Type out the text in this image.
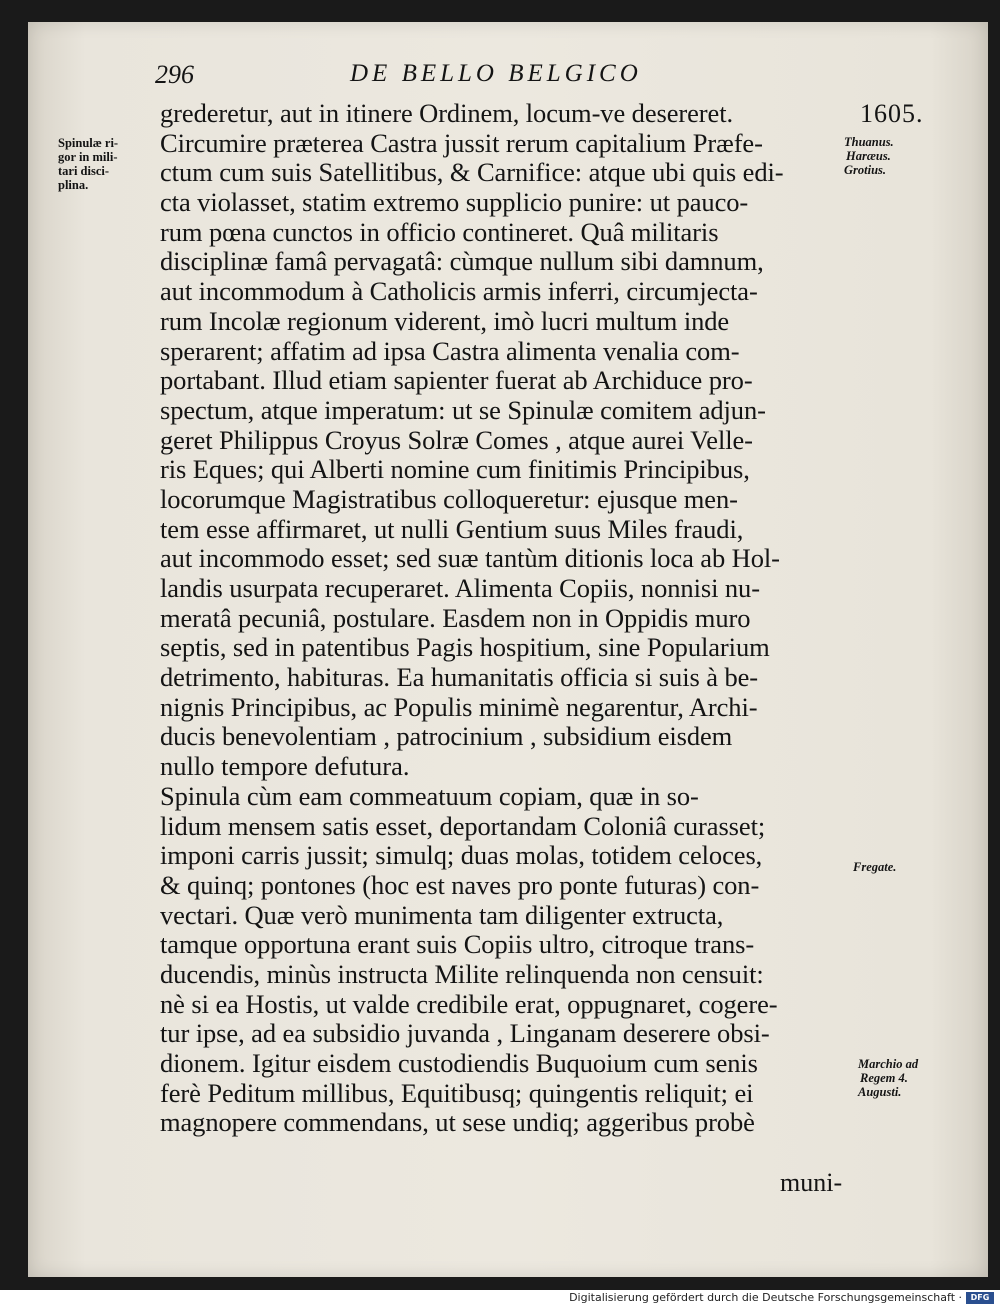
296	DE BELLO BELGICO
1605.
Spinulæ ri-
gor in mili-
tari disci-
plina.
Thuanus.
Haræus.
Grotius.
Fregate.
Marchio ad
Regem 4.
Augusti.
grederetur, aut in itinere Ordinem, locum-ve desereret.
Circumire præterea Castra jussit rerum capitalium Præfe-
ctum cum suis Satellitibus, & Carnifice: atque ubi quis edi-
cta violasset, statim extremo supplicio punire: ut pauco-
rum pœna cunctos in officio contineret. Quâ militaris
disciplinæ famâ pervagatâ: cùmque nullum sibi damnum,
aut incommodum à Catholicis armis inferri, circumjecta-
rum Incolæ regionum viderent, imò lucri multum inde
sperarent; affatim ad ipsa Castra alimenta venalia com-
portabant. Illud etiam sapienter fuerat ab Archiduce pro-
spectum, atque imperatum: ut se Spinulæ comitem adjun-
geret Philippus Croyus Solræ Comes , atque aurei Velle-
ris Eques; qui Alberti nomine cum finitimis Principibus,
locorumque Magistratibus colloqueretur: ejusque men-
tem esse affirmaret, ut nulli Gentium suus Miles fraudi,
aut incommodo esset; sed suæ tantùm ditionis loca ab Hol-
landis usurpata recuperaret. Alimenta Copiis, nonnisi nu-
meratâ pecuniâ, postulare. Easdem non in Oppidis muro
septis, sed in patentibus Pagis hospitium, sine Popularium
detrimento, habituras. Ea humanitatis officia si suis à be-
nignis Principibus, ac Populis minimè negarentur, Archi-
ducis benevolentiam , patrocinium , subsidium eisdem
nullo tempore defutura.
Spinula cùm eam commeatuum copiam, quæ in so-
lidum mensem satis esset, deportandam Coloniâ curasset;
imponi carris jussit; simulq; duas molas, totidem celoces,
& quinq; pontones (hoc est naves pro ponte futuras) con-
vectari. Quæ verò munimenta tam diligenter extructa,
tamque opportuna erant suis Copiis ultro, citroque trans-
ducendis, minùs instructa Milite relinquenda non censuit:
nè si ea Hostis, ut valde credibile erat, oppugnaret, cogere-
tur ipse, ad ea subsidio juvanda , Linganam deserere obsi-
dionem. Igitur eisdem custodiendis Buquoium cum senis
ferè Peditum millibus, Equitibusq; quingentis reliquit; ei
magnopere commendans, ut sese undiq; aggeribus probè
muni-
Digitalisierung gefördert durch die Deutsche Forschungsgemeinschaft ·	DFG
